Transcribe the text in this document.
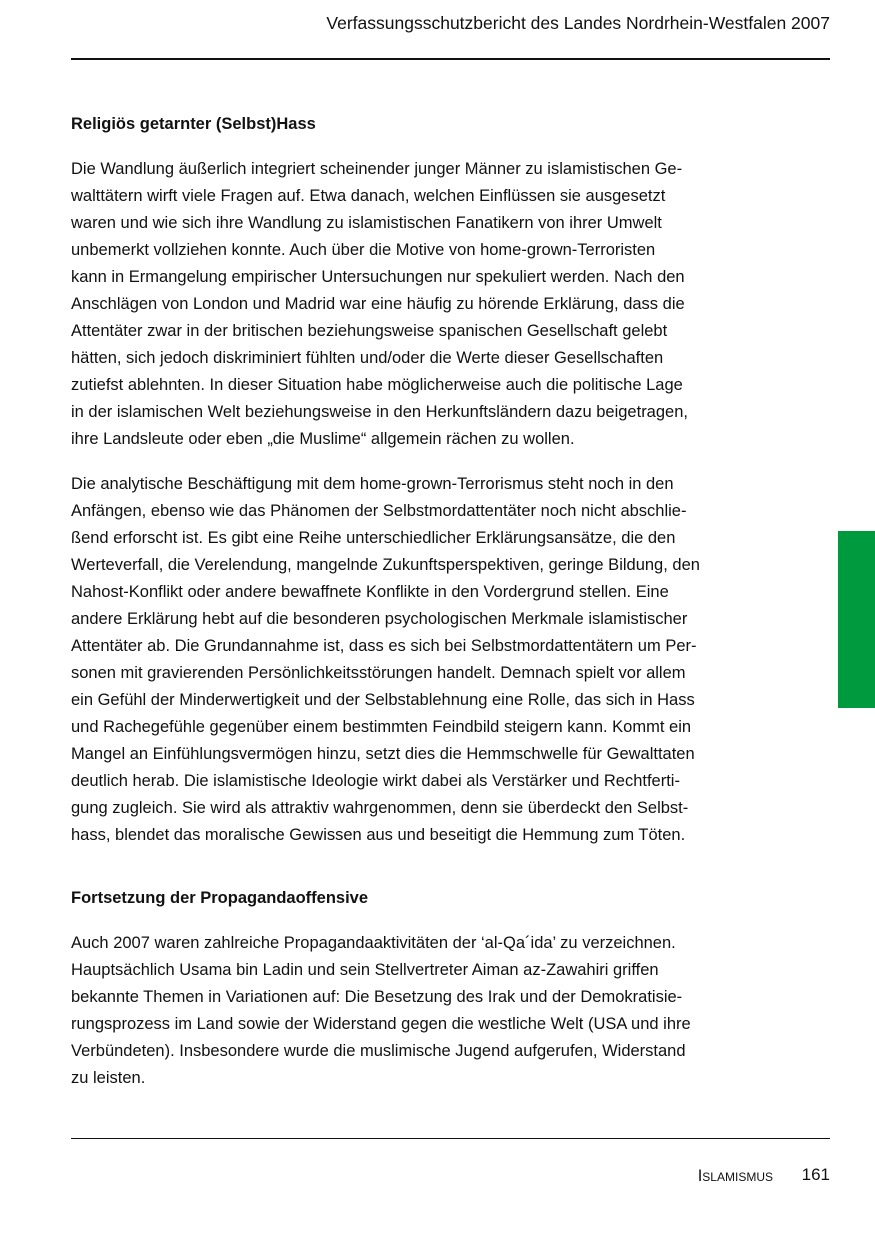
Verfassungsschutzbericht des Landes Nordrhein-Westfalen 2007
Religiös getarnter (Selbst)Hass

Die Wandlung äußerlich integriert scheinender junger Männer zu islamistischen Ge-
walttätern wirft viele Fragen auf. Etwa danach, welchen Einflüssen sie ausgesetzt
waren und wie sich ihre Wandlung zu islamistischen Fanatikern von ihrer Umwelt
unbemerkt vollziehen konnte. Auch über die Motive von home-grown-Terroristen
kann in Ermangelung empirischer Untersuchungen nur spekuliert werden. Nach den
Anschlägen von London und Madrid war eine häufig zu hörende Erklärung, dass die
Attentäter zwar in der britischen beziehungsweise spanischen Gesellschaft gelebt
hätten, sich jedoch diskriminiert fühlten und/oder die Werte dieser Gesellschaften
zutiefst ablehnten. In dieser Situation habe möglicherweise auch die politische Lage
in der islamischen Welt beziehungsweise in den Herkunftsländern dazu beigetragen,
ihre Landsleute oder eben „die Muslime“ allgemein rächen zu wollen.

Die analytische Beschäftigung mit dem home-grown-Terrorismus steht noch in den
Anfängen, ebenso wie das Phänomen der Selbstmordattentäter noch nicht abschlie-
ßend erforscht ist. Es gibt eine Reihe unterschiedlicher Erklärungsansätze, die den
Werteverfall, die Verelendung, mangelnde Zukunftsperspektiven, geringe Bildung, den
Nahost-Konflikt oder andere bewaffnete Konflikte in den Vordergrund stellen. Eine
andere Erklärung hebt auf die besonderen psychologischen Merkmale islamistischer
Attentäter ab. Die Grundannahme ist, dass es sich bei Selbstmordattentätern um Per-
sonen mit gravierenden Persönlichkeitsstörungen handelt. Demnach spielt vor allem
ein Gefühl der Minderwertigkeit und der Selbstablehnung eine Rolle, das sich in Hass
und Rachegefühle gegenüber einem bestimmten Feindbild steigern kann. Kommt ein
Mangel an Einfühlungsvermögen hinzu, setzt dies die Hemmschwelle für Gewalttaten
deutlich herab. Die islamistische Ideologie wirkt dabei als Verstärker und Rechtferti-
gung zugleich. Sie wird als attraktiv wahrgenommen, denn sie überdeckt den Selbst-
hass, blendet das moralische Gewissen aus und beseitigt die Hemmung zum Töten.

Fortsetzung der Propagandaoffensive

Auch 2007 waren zahlreiche Propagandaaktivitäten der ‘al-Qa´ida’ zu verzeichnen.
Hauptsächlich Usama bin Ladin und sein Stellvertreter Aiman az-Zawahiri griffen
bekannte Themen in Variationen auf: Die Besetzung des Irak und der Demokratisie-
rungsprozess im Land sowie der Widerstand gegen die westliche Welt (USA und ihre
Verbündeten). Insbesondere wurde die muslimische Jugend aufgerufen, Widerstand
zu leisten.

Islamismus 161
